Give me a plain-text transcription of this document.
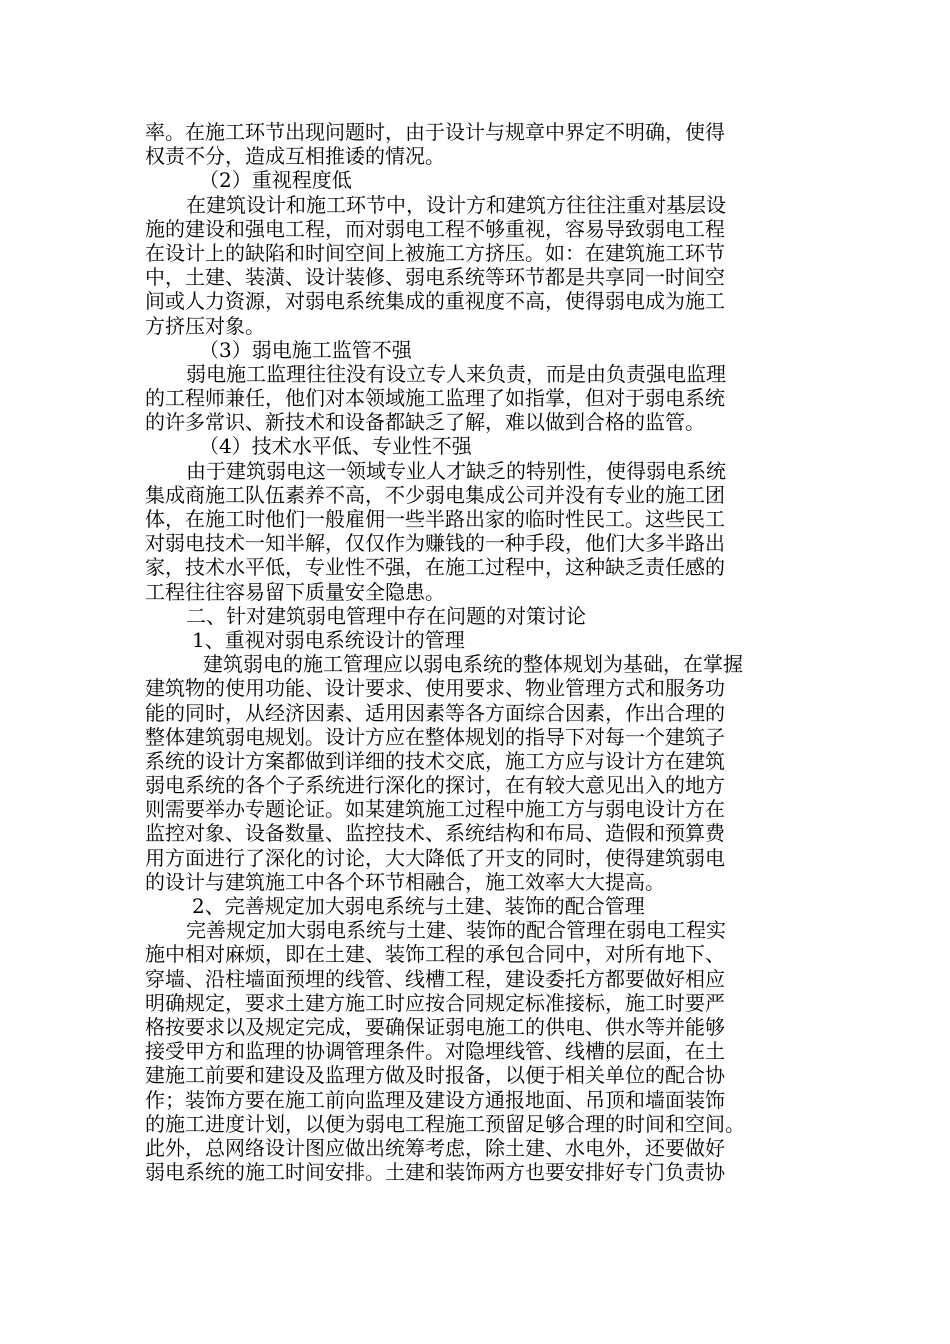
率。在施工环节出现问题时，由于设计与规章中界定不明确，使得
权责不分，造成互相推诿的情况。
（2）重视程度低
在建筑设计和施工环节中，设计方和建筑方往往注重对基层设
施的建设和强电工程，而对弱电工程不够重视，容易导致弱电工程
在设计上的缺陷和时间空间上被施工方挤压。如：在建筑施工环节
中，土建、装潢、设计装修、弱电系统等环节都是共享同一时间空
间或人力资源，对弱电系统集成的重视度不高，使得弱电成为施工
方挤压对象。
（3）弱电施工监管不强
弱电施工监理往往没有设立专人来负责，而是由负责强电监理
的工程师兼任，他们对本领域施工监理了如指掌，但对于弱电系统
的许多常识、新技术和设备都缺乏了解，难以做到合格的监管。
（4）技术水平低、专业性不强
由于建筑弱电这一领域专业人才缺乏的特别性，使得弱电系统
集成商施工队伍素养不高，不少弱电集成公司并没有专业的施工团
体，在施工时他们一般雇佣一些半路出家的临时性民工。这些民工
对弱电技术一知半解，仅仅作为赚钱的一种手段，他们大多半路出
家，技术水平低，专业性不强，在施工过程中，这种缺乏责任感的
工程往往容易留下质量安全隐患。
二、针对建筑弱电管理中存在问题的对策讨论
1、重视对弱电系统设计的管理
建筑弱电的施工管理应以弱电系统的整体规划为基础，在掌握
建筑物的使用功能、设计要求、使用要求、物业管理方式和服务功
能的同时，从经济因素、适用因素等各方面综合因素，作出合理的
整体建筑弱电规划。设计方应在整体规划的指导下对每一个建筑子
系统的设计方案都做到详细的技术交底，施工方应与设计方在建筑
弱电系统的各个子系统进行深化的探讨，在有较大意见出入的地方
则需要举办专题论证。如某建筑施工过程中施工方与弱电设计方在
监控对象、设备数量、监控技术、系统结构和布局、造假和预算费
用方面进行了深化的讨论，大大降低了开支的同时，使得建筑弱电
的设计与建筑施工中各个环节相融合，施工效率大大提高。
2、完善规定加大弱电系统与土建、装饰的配合管理
完善规定加大弱电系统与土建、装饰的配合管理在弱电工程实
施中相对麻烦，即在土建、装饰工程的承包合同中，对所有地下、
穿墙、沿柱墙面预埋的线管、线槽工程，建设委托方都要做好相应
明确规定，要求土建方施工时应按合同规定标准接标，施工时要严
格按要求以及规定完成，要确保证弱电施工的供电、供水等并能够
接受甲方和监理的协调管理条件。对隐埋线管、线槽的层面，在土
建施工前要和建设及监理方做及时报备，以便于相关单位的配合协
作；装饰方要在施工前向监理及建设方通报地面、吊顶和墙面装饰
的施工进度计划，以便为弱电工程施工预留足够合理的时间和空间。
此外，总网络设计图应做出统筹考虑，除土建、水电外，还要做好
弱电系统的施工时间安排。土建和装饰两方也要安排好专门负责协
